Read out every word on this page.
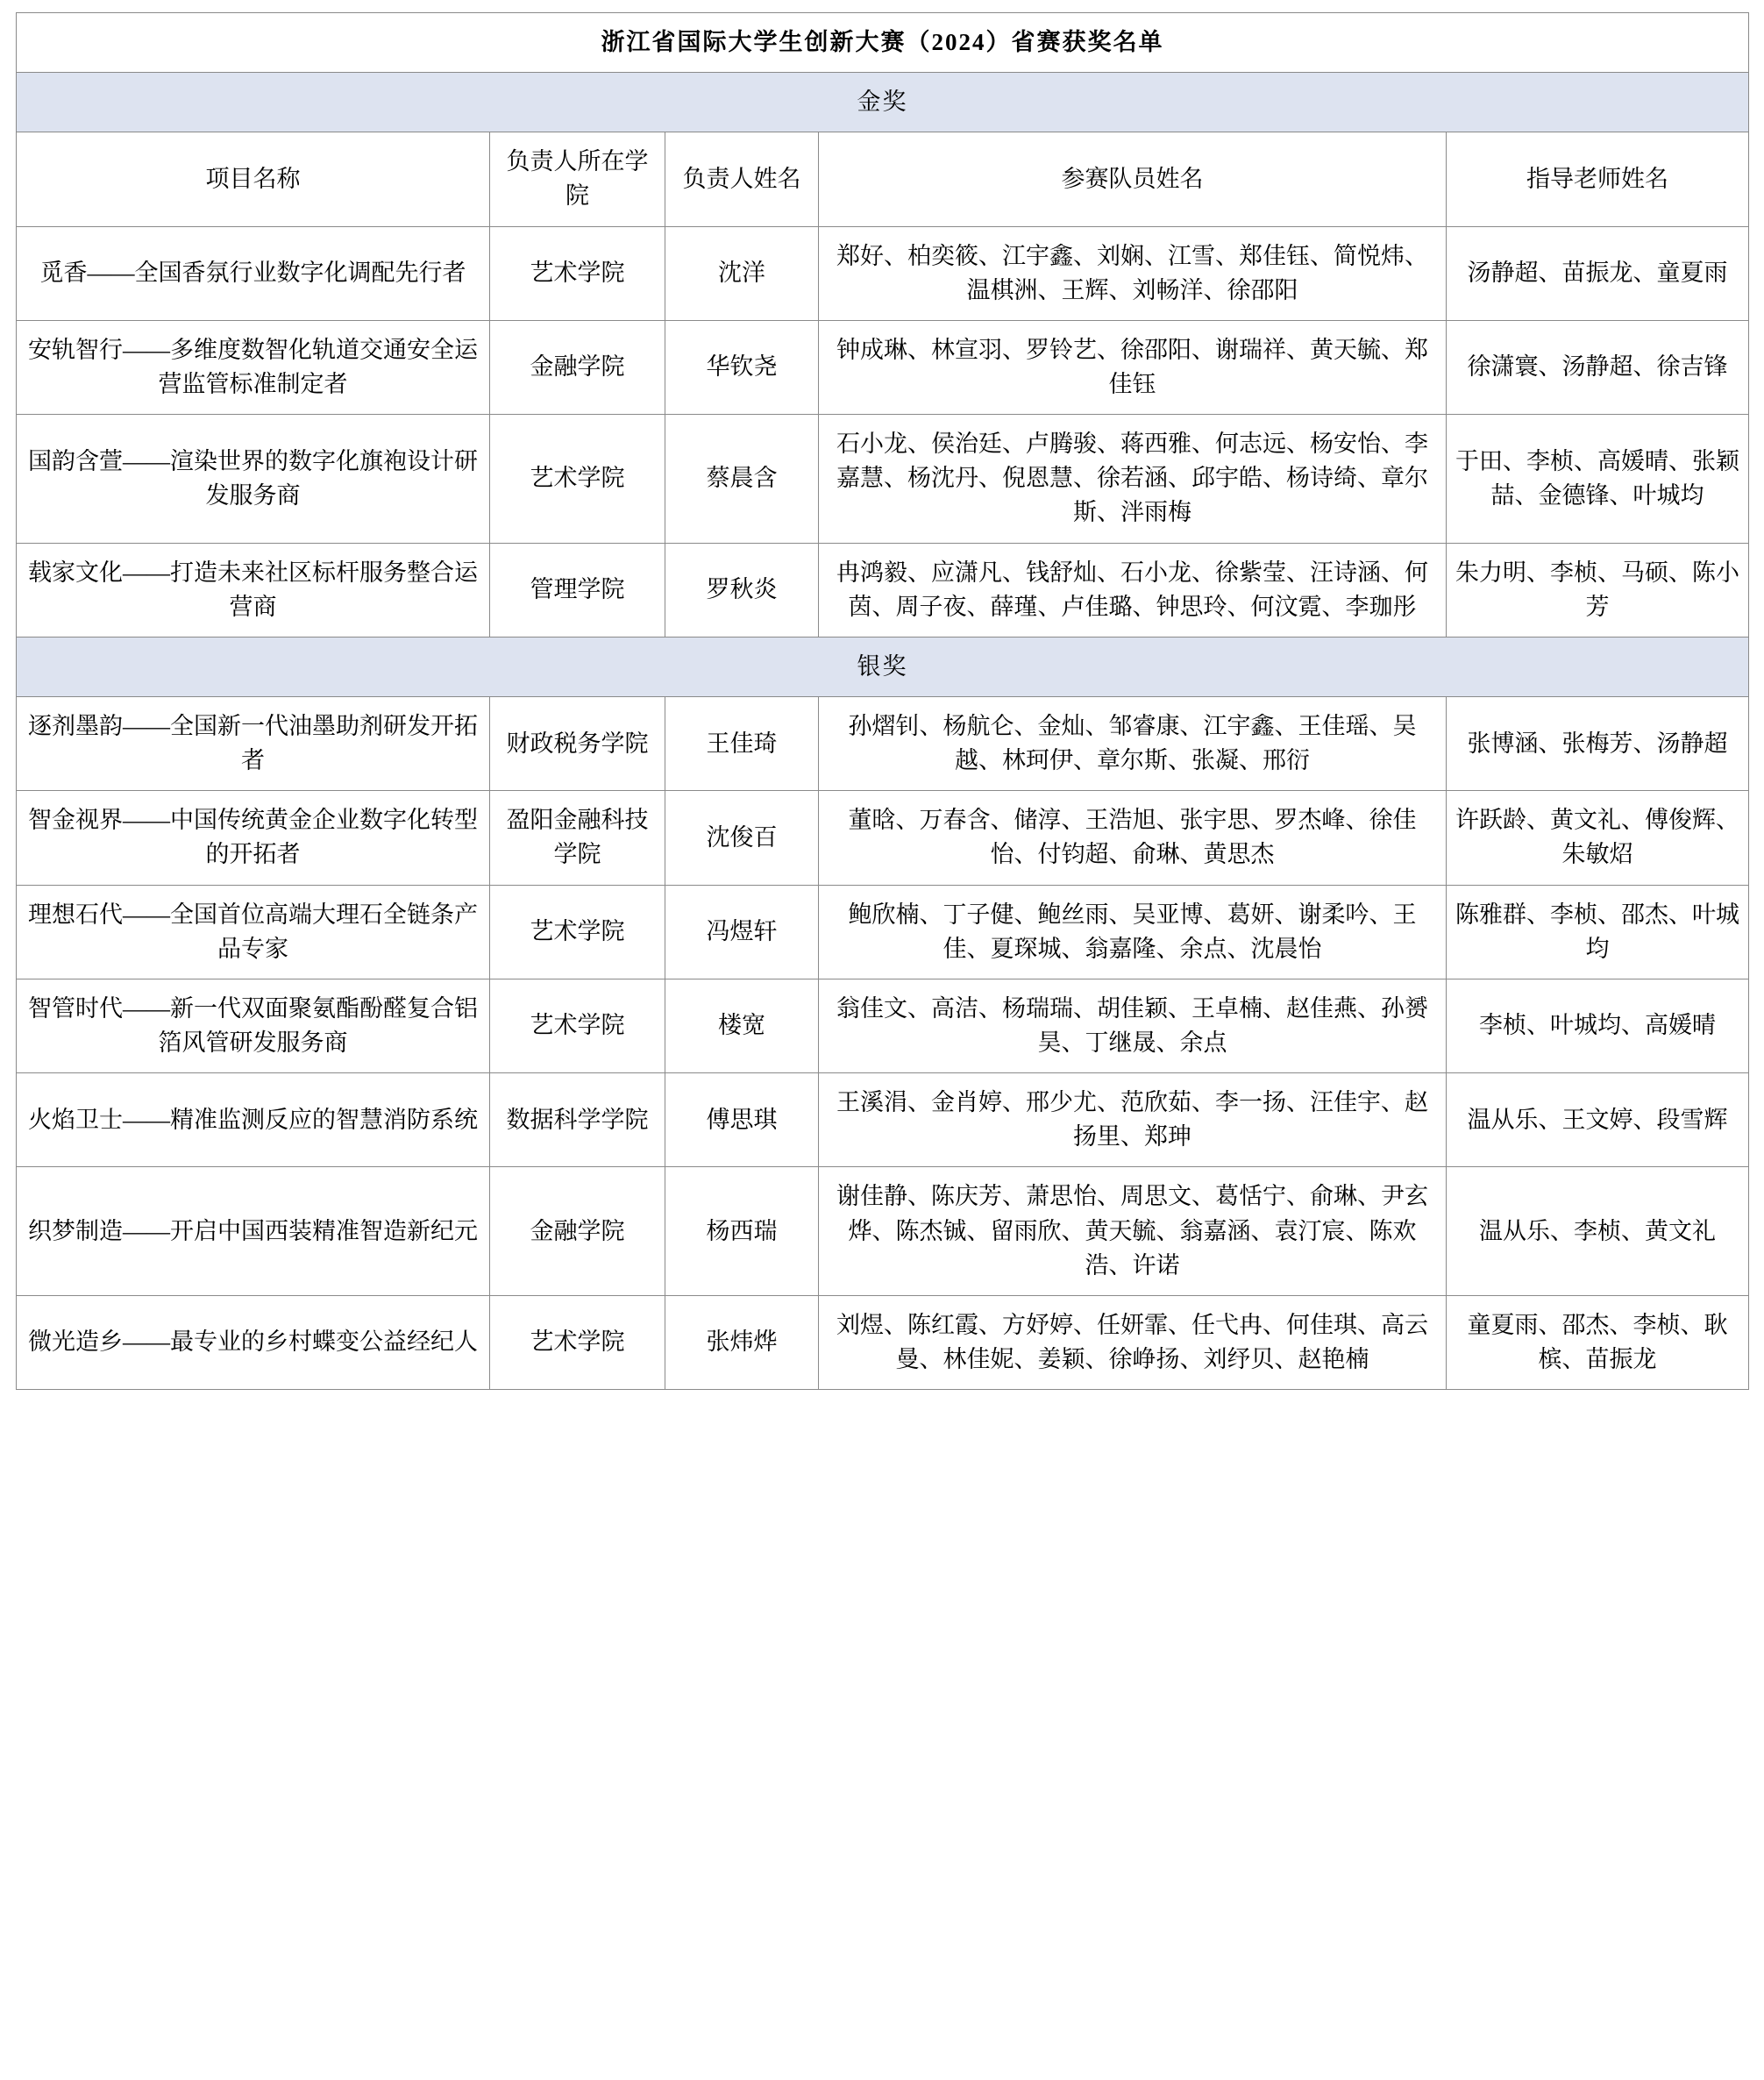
浙江省国际大学生创新大赛（2024）省赛获奖名单				
金奖				
项目名称	负责人所在学院	负责人姓名	参赛队员姓名	指导老师姓名
觅香——全国香氛行业数字化调配先行者	艺术学院	沈洋	郑好、柏奕筱、江宇鑫、刘娴、江雪、郑佳钰、简悦炜、温棋洲、王辉、刘畅洋、徐邵阳	汤静超、苗振龙、童夏雨
安轨智行——多维度数智化轨道交通安全运营监管标准制定者	金融学院	华钦尧	钟成琳、林宣羽、罗铃艺、徐邵阳、谢瑞祥、黄天毓、郑佳钰	徐潇寰、汤静超、徐吉锋
国韵含萱——渲染世界的数字化旗袍设计研发服务商	艺术学院	蔡晨含	石小龙、侯治廷、卢腾骏、蒋西雅、何志远、杨安怡、李嘉慧、杨沈丹、倪恩慧、徐若涵、邱宇皓、杨诗绮、章尔斯、泮雨梅	于田、李桢、高媛晴、张颖喆、金德锋、叶城均
载家文化——打造未来社区标杆服务整合运营商	管理学院	罗秋炎	冉鸿毅、应潇凡、钱舒灿、石小龙、徐紫莹、汪诗涵、何茵、周子夜、薛瑾、卢佳璐、钟思玲、何汶霓、李珈彤	朱力明、李桢、马硕、陈小芳
银奖				
逐剂墨韵——全国新一代油墨助剂研发开拓者	财政税务学院	王佳琦	孙熠钊、杨航仑、金灿、邹睿康、江宇鑫、王佳瑶、吴越、林珂伊、章尔斯、张凝、邢衍	张博涵、张梅芳、汤静超
智金视界——中国传统黄金企业数字化转型的开拓者	盈阳金融科技学院	沈俊百	董晗、万春含、储淳、王浩旭、张宇思、罗杰峰、徐佳怡、付钧超、俞琳、黄思杰	许跃龄、黄文礼、傅俊辉、朱敏炤
理想石代——全国首位高端大理石全链条产品专家	艺术学院	冯煜轩	鲍欣楠、丁子健、鲍丝雨、吴亚博、葛妍、谢柔吟、王佳、夏琛城、翁嘉隆、余点、沈晨怡	陈雅群、李桢、邵杰、叶城均
智管时代——新一代双面聚氨酯酚醛复合铝箔风管研发服务商	艺术学院	楼宽	翁佳文、高洁、杨瑞瑞、胡佳颖、王卓楠、赵佳燕、孙赟昊、丁继晟、余点	李桢、叶城均、高媛晴
火焰卫士——精准监测反应的智慧消防系统	数据科学学院	傅思琪	王溪涓、金肖婷、邢少尤、范欣茹、李一扬、汪佳宇、赵扬里、郑珅	温从乐、王文婷、段雪辉
织梦制造——开启中国西装精准智造新纪元	金融学院	杨西瑞	谢佳静、陈庆芳、萧思怡、周思文、葛恬宁、俞琳、尹玄烨、陈杰铖、留雨欣、黄天毓、翁嘉涵、袁汀宸、陈欢浩、许诺	温从乐、李桢、黄文礼
微光造乡——最专业的乡村蝶变公益经纪人	艺术学院	张炜烨	刘煜、陈红霞、方妤婷、任妍霏、任弋冉、何佳琪、高云曼、林佳妮、姜颖、徐峥扬、刘纾贝、赵艳楠	童夏雨、邵杰、李桢、耿槟、苗振龙
